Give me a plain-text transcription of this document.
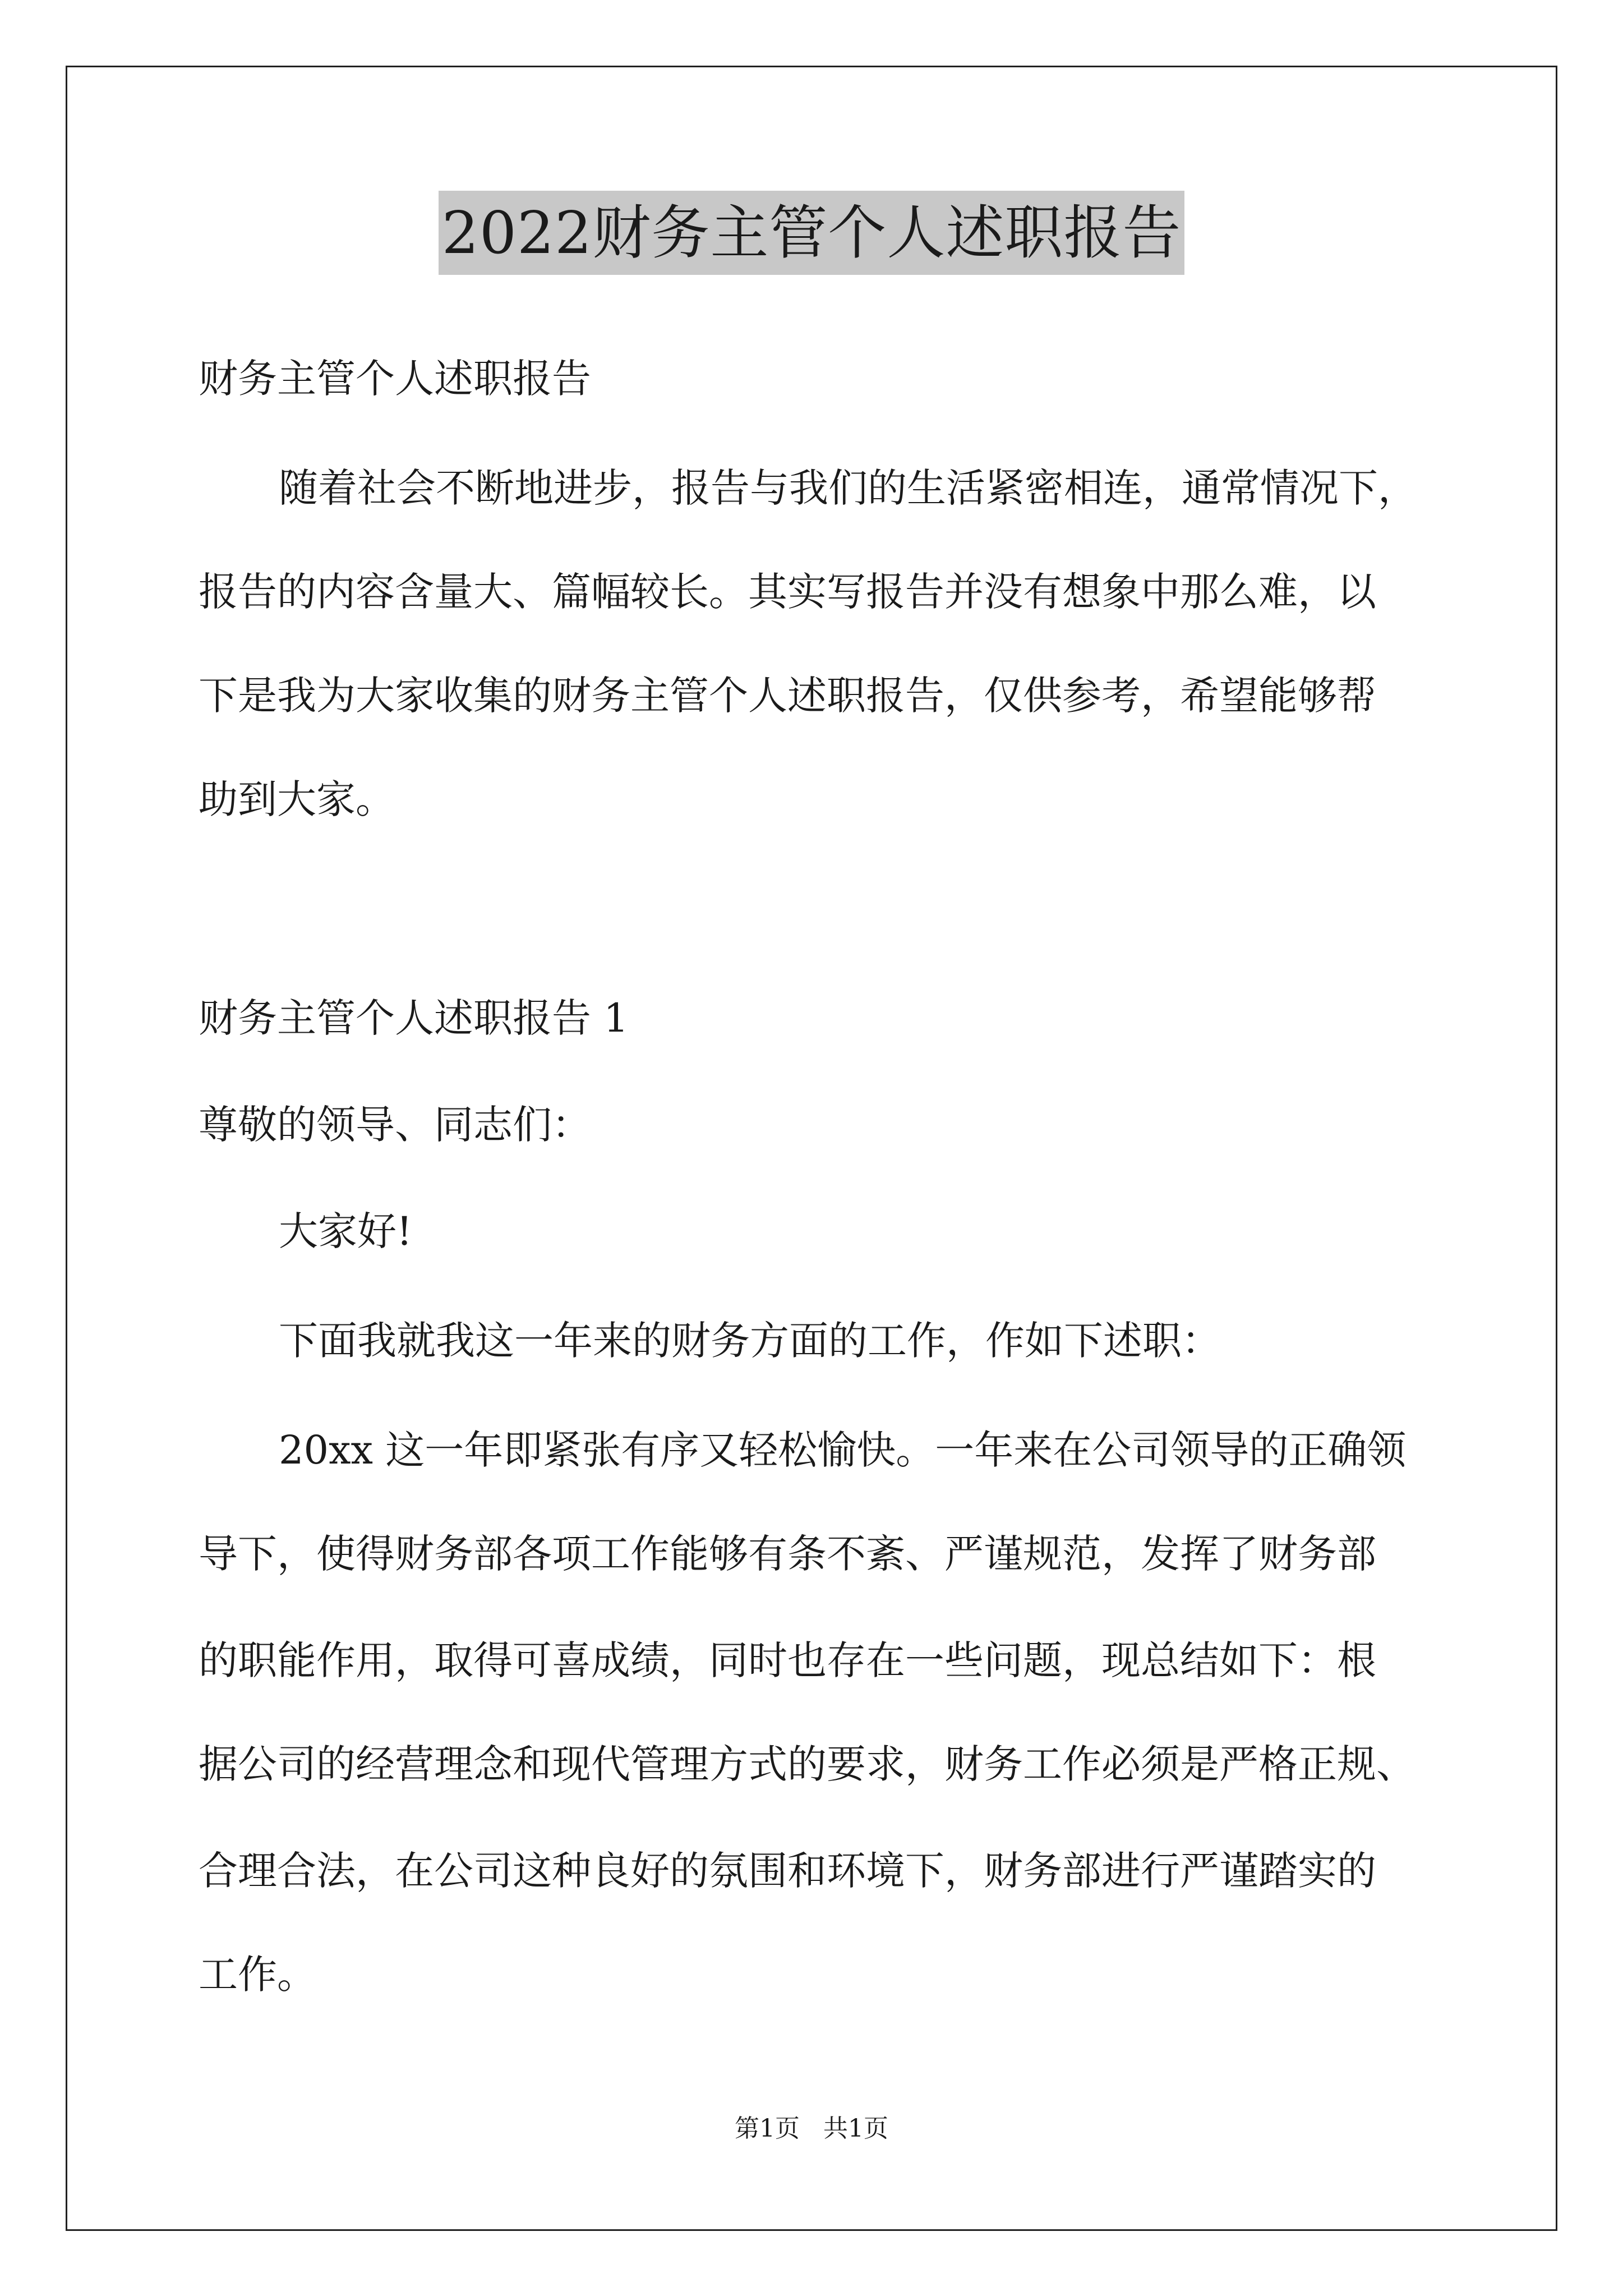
2022财务主管个人述职报告
财务主管个人述职报告
随着社会不断地进步，报告与我们的生活紧密相连，通常情况下，
报告的内容含量大、篇幅较长。其实写报告并没有想象中那么难，以
下是我为大家收集的财务主管个人述职报告，仅供参考，希望能够帮
助到大家。
财务主管个人述职报告 1
尊敬的领导、同志们：
大家好!
下面我就我这一年来的财务方面的工作，作如下述职：
20xx 这一年即紧张有序又轻松愉快。一年来在公司领导的正确领
导下，使得财务部各项工作能够有条不紊、严谨规范，发挥了财务部
的职能作用，取得可喜成绩，同时也存在一些问题，现总结如下：根
据公司的经营理念和现代管理方式的要求，财务工作必须是严格正规、
合理合法，在公司这种良好的氛围和环境下，财务部进行严谨踏实的
工作。
第1页 共1页
